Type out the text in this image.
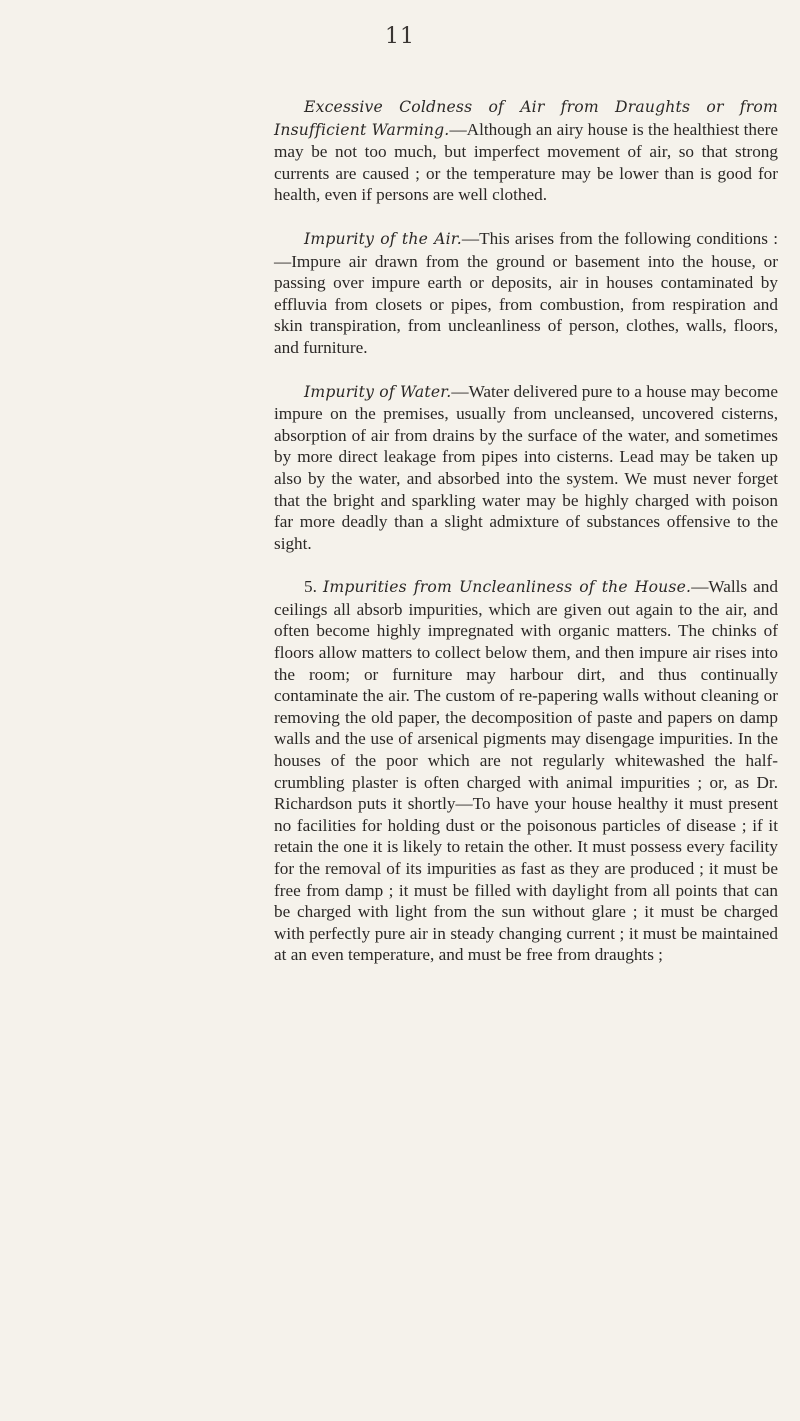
11

Excessive Coldness of Air from Draughts or from Insufficient Warming.—Although an airy house is the healthiest there may be not too much, but imperfect movement of air, so that strong currents are caused ; or the temperature may be lower than is good for health, even if persons are well clothed.

Impurity of the Air.—This arises from the following conditions :—Impure air drawn from the ground or basement into the house, or passing over impure earth or deposits, air in houses contaminated by effluvia from closets or pipes, from combustion, from respiration and skin transpiration, from uncleanliness of person, clothes, walls, floors, and furniture.

Impurity of Water.—Water delivered pure to a house may become impure on the premises, usually from uncleansed, uncovered cisterns, absorption of air from drains by the surface of the water, and sometimes by more direct leakage from pipes into cisterns. Lead may be taken up also by the water, and absorbed into the system. We must never forget that the bright and sparkling water may be highly charged with poison far more deadly than a slight admixture of substances offensive to the sight.

5. Impurities from Uncleanliness of the House.—Walls and ceilings all absorb impurities, which are given out again to the air, and often become highly impregnated with organic matters. The chinks of floors allow matters to collect below them, and then impure air rises into the room; or furniture may harbour dirt, and thus continually contaminate the air. The custom of re-papering walls without cleaning or removing the old paper, the decomposition of paste and papers on damp walls and the use of arsenical pigments may disengage impurities. In the houses of the poor which are not regularly whitewashed the half-crumbling plaster is often charged with animal impurities ; or, as Dr. Richardson puts it shortly—To have your house healthy it must present no facilities for holding dust or the poisonous particles of disease ; if it retain the one it is likely to retain the other. It must possess every facility for the removal of its impurities as fast as they are produced ; it must be free from damp ; it must be filled with daylight from all points that can be charged with light from the sun without glare ; it must be charged with perfectly pure air in steady changing current ; it must be maintained at an even temperature, and must be free from draughts ;
